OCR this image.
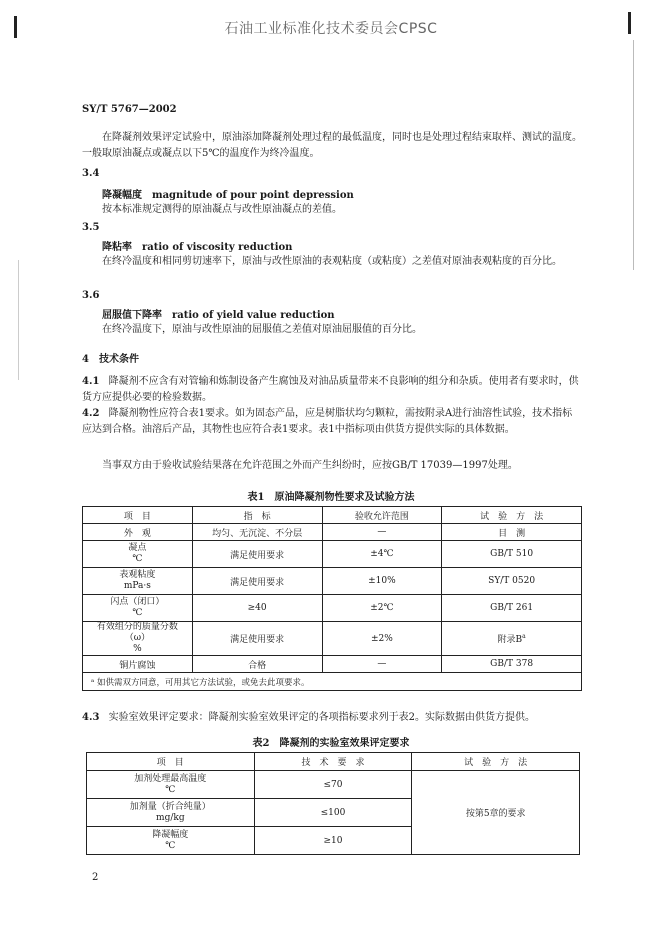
石油工业标准化技术委员会CPSC
SY/T 5767—2002
在降凝剂效果评定试验中，原油添加降凝剂处理过程的最低温度，同时也是处理过程结束取样、测试的温度。一般取原油凝点或凝点以下5℃的温度作为终冷温度。
3.4
降凝幅度　magnitude of pour point depression
按本标准规定测得的原油凝点与改性原油凝点的差值。
3.5
降粘率　ratio of viscosity reduction
在终冷温度和相同剪切速率下，原油与改性原油的表观粘度（或粘度）之差值对原油表观粘度的百分比。
3.6
屈服值下降率　ratio of yield value reduction
在终冷温度下，原油与改性原油的屈服值之差值对原油屈服值的百分比。
4　技术条件
4.1 降凝剂不应含有对管输和炼制设备产生腐蚀及对油品质量带来不良影响的组分和杂质。使用者有要求时，供货方应提供必要的检验数据。
4.2 降凝剂物性应符合表1要求。如为固态产品，应是树脂状均匀颗粒，需按附录A进行油溶性试验，技术指标应达到合格。油溶后产品，其物性也应符合表1要求。表1中指标项由供货方提供实际的具体数据。
当事双方由于验收试验结果落在允许范围之外而产生纠纷时，应按GB/T 17039—1997处理。
表1　原油降凝剂物性要求及试验方法
项　目	指　标	验收允许范围	试　验　方　法
外　观	均匀、无沉淀、不分层	—	目　测
凝点
℃	满足使用要求	±4℃	GB/T 510
表观粘度
mPa·s	满足使用要求	±10%	SY/T 0520
闪点（闭口）
℃	≥40	±2℃	GB/T 261
有效组分的质量分数（ω）
%	满足使用要求	±2%	附录$B^a$
铜片腐蚀	合格	—	GB/T 378
ᵃ 如供需双方同意，可用其它方法试验，或免去此项要求。			
4.3 实验室效果评定要求：降凝剂实验室效果评定的各项指标要求列于表2。实际数据由供货方提供。
表2　降凝剂的实验室效果评定要求
项　目	技　术　要　求	试　验　方　法
加剂处理最高温度
℃	≤70	按第5章的要求
加剂量（折合纯量）
mg/kg	≤100	
降凝幅度
℃	≥10	
2
